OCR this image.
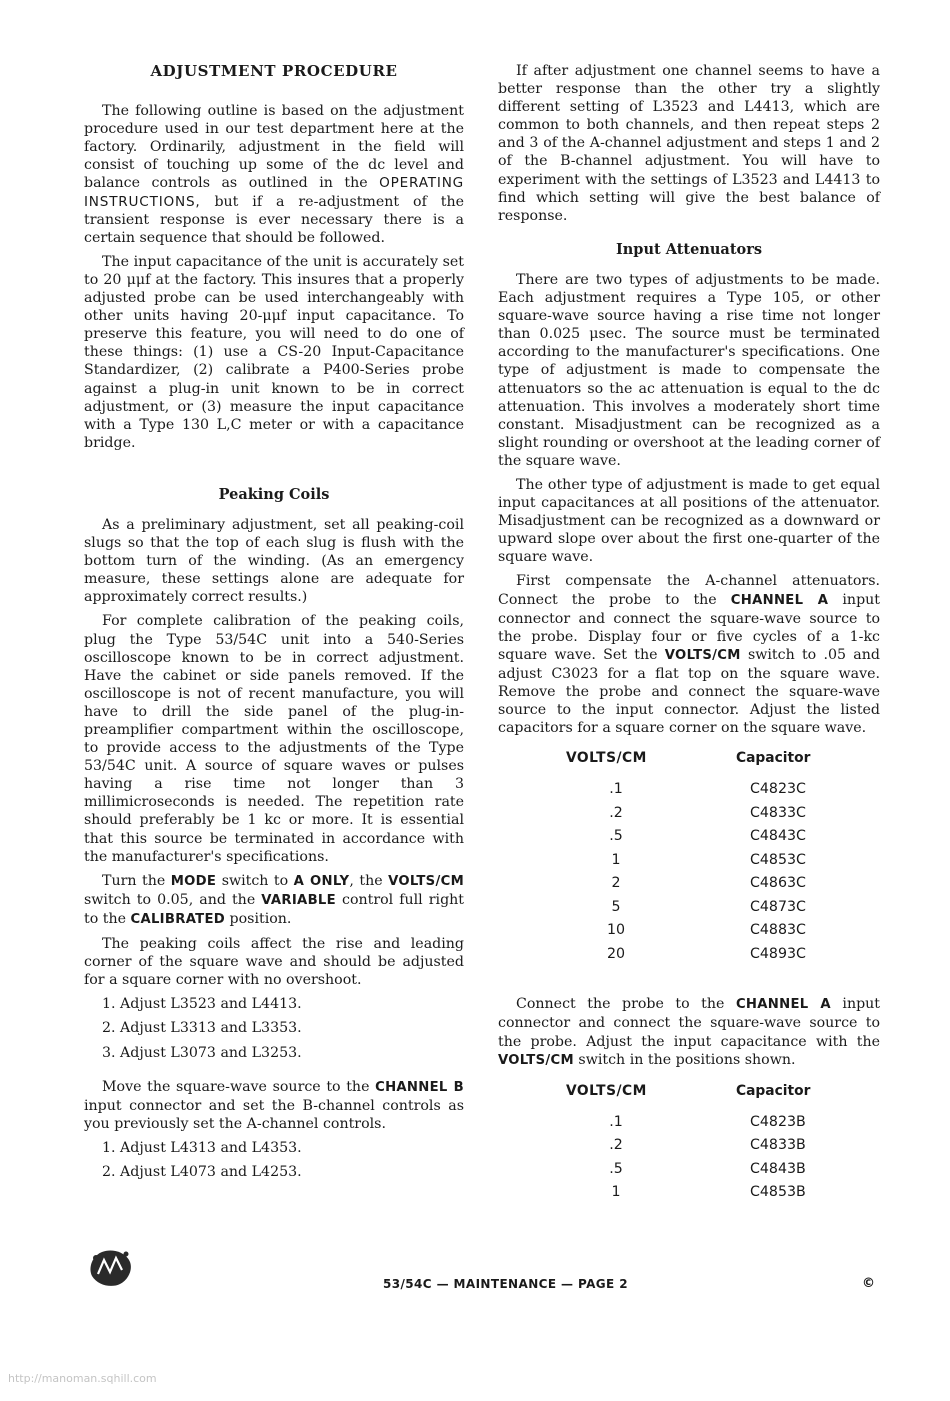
ADJUSTMENT PROCEDURE

The following outline is based on the adjustment procedure used in our test department here at the factory. Ordinarily, adjustment in the field will consist of touching up some of the dc level and balance controls as outlined in the OPERATING INSTRUCTIONS, but if a re-adjustment of the transient response is ever necessary there is a certain sequence that should be followed.

The input capacitance of the unit is accurately set to 20 μμf at the factory. This insures that a properly adjusted probe can be used interchangeably with other units having 20-μμf input capacitance. To preserve this feature, you will need to do one of these things: (1) use a CS-20 Input-Capacitance Standardizer, (2) calibrate a P400-Series probe against a plug-in unit known to be in correct adjustment, or (3) measure the input capacitance with a Type 130 L,C meter or with a capacitance bridge.

Peaking Coils

As a preliminary adjustment, set all peaking-coil slugs so that the top of each slug is flush with the bottom turn of the winding. (As an emergency measure, these settings alone are adequate for approximately correct results.)

For complete calibration of the peaking coils, plug the Type 53/54C unit into a 540-Series oscilloscope known to be in correct adjustment. Have the cabinet or side panels removed. If the oscilloscope is not of recent manufacture, you will have to drill the side panel of the plug-in-preamplifier compartment within the oscilloscope, to provide access to the adjustments of the Type 53/54C unit. A source of square waves or pulses having a rise time not longer than 3 millimicroseconds is needed. The repetition rate should preferably be 1 kc or more. It is essential that this source be terminated in accordance with the manufacturer's specifications.

Turn the MODE switch to A ONLY, the VOLTS/CM switch to 0.05, and the VARIABLE control full right to the CALIBRATED position.

The peaking coils affect the rise and leading corner of the square wave and should be adjusted for a square corner with no overshoot.

1. Adjust L3523 and L4413.
2. Adjust L3313 and L3353.
3. Adjust L3073 and L3253.

Move the square-wave source to the CHANNEL B input connector and set the B-channel controls as you previously set the A-channel controls.

1. Adjust L4313 and L4353.
2. Adjust L4073 and L4253.

If after adjustment one channel seems to have a better response than the other try a slightly different setting of L3523 and L4413, which are common to both channels, and then repeat steps 2 and 3 of the A-channel adjustment and steps 1 and 2 of the B-channel adjustment. You will have to experiment with the settings of L3523 and L4413 to find which setting will give the best balance of response.

Input Attenuators

There are two types of adjustments to be made. Each adjustment requires a Type 105, or other square-wave source having a rise time not longer than 0.025 μsec. The source must be terminated according to the manufacturer's specifications. One type of adjustment is made to compensate the attenuators so the ac attenuation is equal to the dc attenuation. This involves a moderately short time constant. Misadjustment can be recognized as a slight rounding or overshoot at the leading corner of the square wave.

The other type of adjustment is made to get equal input capacitances at all positions of the attenuator. Misadjustment can be recognized as a downward or upward slope over about the first one-quarter of the square wave.

First compensate the A-channel attenuators. Connect the probe to the CHANNEL A input connector and connect the square-wave source to the probe. Display four or five cycles of a 1-kc square wave. Set the VOLTS/CM switch to .05 and adjust C3023 for a flat top on the square wave. Remove the probe and connect the square-wave source to the input connector. Adjust the listed capacitors for a square corner on the square wave.

VOLTS/CM	Capacitor
.1	C4823C
.2	C4833C
.5	C4843C
1	C4853C
2	C4863C
5	C4873C
10	C4883C
20	C4893C

Connect the probe to the CHANNEL A input connector and connect the square-wave source to the probe. Adjust the input capacitance with the VOLTS/CM switch in the positions shown.

VOLTS/CM	Capacitor
.1	C4823B
.2	C4833B
.5	C4843B
1	C4853B
53/54C — MAINTENANCE — PAGE 2	©
http://manoman.sqhill.com
